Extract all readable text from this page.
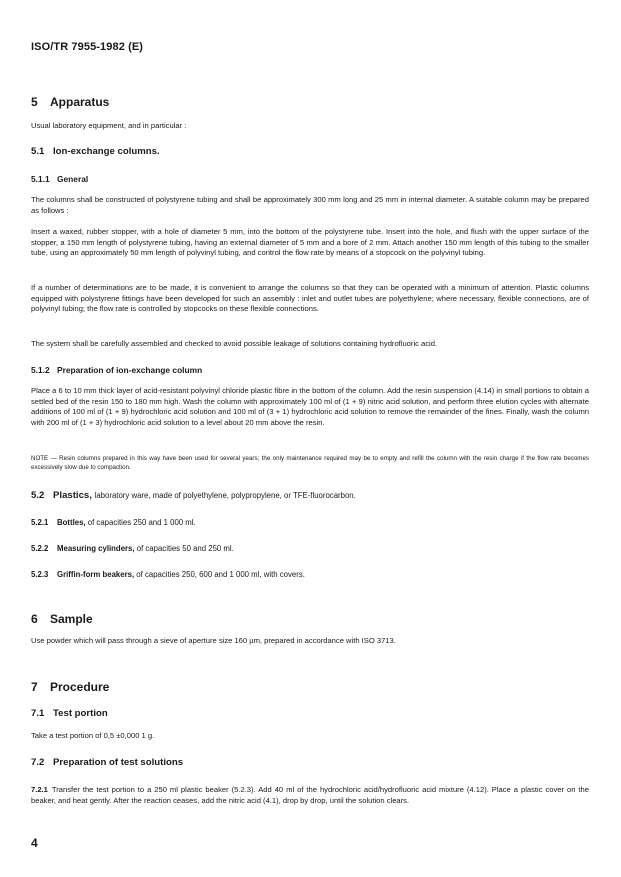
ISO/TR 7955-1982 (E)
5 Apparatus
Usual laboratory equipment, and in particular :
5.1 Ion-exchange columns.
5.1.1 General
The columns shall be constructed of polystyrene tubing and shall be approximately 300 mm long and 25 mm in internal diameter. A suitable column may be prepared as follows :
Insert a waxed, rubber stopper, with a hole of diameter 5 mm, into the bottom of the polystyrene tube. Insert into the hole, and flush with the upper surface of the stopper, a 150 mm length of polystyrene tubing, having an external diameter of 5 mm and a bore of 2 mm. Attach another 150 mm length of this tubing to the smaller tube, using an approximately 50 mm length of polyvinyl tubing, and control the flow rate by means of a stopcock on the polyvinyl tubing.
If a number of determinations are to be made, it is convenient to arrange the columns so that they can be operated with a minimum of attention. Plastic columns equipped with polystyrene fittings have been developed for such an assembly : inlet and outlet tubes are polyethylene; where necessary, flexible connections, are of polyvinyl tubing; the flow rate is controlled by stopcocks on these flexible connections.
The system shall be carefully assembled and checked to avoid possible leakage of solutions containing hydrofluoric acid.
5.1.2 Preparation of ion-exchange column
Place a 6 to 10 mm thick layer of acid-resistant polyvinyl chloride plastic fibre in the bottom of the column. Add the resin suspension (4.14) in small portions to obtain a settled bed of the resin 150 to 180 mm high. Wash the column with approximately 100 ml of (1 + 9) nitric acid solution, and perform three elution cycles with alternate additions of 100 ml of (1 + 9) hydrochloric acid solution and 100 ml of (3 + 1) hydrochloric acid solution to remove the remainder of the fines. Finally, wash the column with 200 ml of (1 + 3) hydrochloric acid solution to a level about 20 mm above the resin.
NOTE — Resin columns prepared in this way have been used for several years; the only maintenance required may be to empty and refill the column with the resin charge if the flow rate becomes excessively slow due to compaction.
5.2 Plastics, laboratory ware, made of polyethylene, polypropylene, or TFE-fluorocarbon.
5.2.1 Bottles, of capacities 250 and 1 000 ml.
5.2.2 Measuring cylinders, of capacities 50 and 250 ml.
5.2.3 Griffin-form beakers, of capacities 250, 600 and 1 000 ml, with covers.
6 Sample
Use powder which will pass through a sieve of aperture size 160 µm, prepared in accordance with ISO 3713.
7 Procedure
7.1 Test portion
Take a test portion of 0,5 ±0,000 1 g.
7.2 Preparation of test solutions
7.2.1 Transfer the test portion to a 250 ml plastic beaker (5.2.3). Add 40 ml of the hydrochloric acid/hydrofluoric acid mixture (4.12). Place a plastic cover on the beaker, and heat gently. After the reaction ceases, add the nitric acid (4.1), drop by drop, until the solution clears.
4
